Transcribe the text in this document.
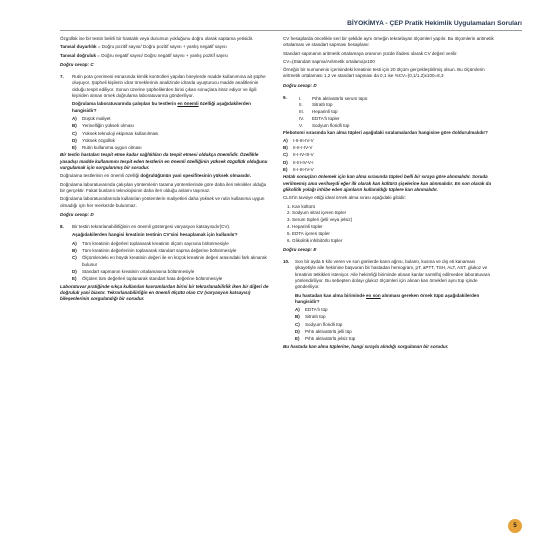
BİYOKİMYA - ÇEP Pratik Hekimlik Uygulamaları Soruları

Özgüllük ise bir testin belirli bir hastalık veya durumun yokluğunu doğru olarak saptama yetisidir.

Tanısal duyarlılık = Doğru pozitif sayısı/ Doğru pozitif sayısı + yanlış negatif sayısı

Tanısal doğruluk = Doğru negatif sayısı/ Doğru negatif sayısı + yanlış pozitif sayısı

Doğru cevap: C

7.	Rutin pota çevrimesi esnasında kimlik kontrolleri yapılan bireylerde madde kullanımına ait şüphe oluşuyor. Şüpheli kişilerin idrar örneklerinin analizinde idrarda uyuşturucu madde analitlerinin olduğu tespit ediliyor. Sonun üzerine şüphelilerden birisi çıkan sonuçlara itiraz ediyor ve ilgili kişiriden alınan örnek doğrulama laboratuvarına gönderiliyor.

Doğrulama laboratuvarında çalışılan bu testlerin en önemli özelliği aşağıdakilerden hangisidir?

A)	Düşük maliyet
B)	Yerinelliğin yüksek olması
C)	Yüksek teknoloji ekipman kullanılması
D)	Yüksek özgüllük
E)	Rutin kullanıma uygun olması

Bir testin hastaları tespit etme kadar sağlıklıları da tespit etmesi oldukça önemlidir. Özellikle yasadışı madde kullanımını tespit eden testlerin en önemli özelliğinin yüksek özgüllük olduğunu vurgulamak için sorgulanmış bir sorudur.

Doğrulama testlerinin en önemli özelliği doğrulüğünün yani spesifitesinin yüksek olmasıdır.

Doğrulama laboratuvarında çalışılan yöntemlerin tarama yöntemlerinde göre daha ileri teknikler olduğu bir gerçektir. Fakat bunların teknolojisinin daha ileri olduğu anlamı taşımaz.

Doğrulama laboratuvarlarında kullanılan yöntemlerin maliyetleri daha yüksek ve rutin kullanıma uygun olmadığı için her merkezde bulunmaz.

Doğru cevap: D

8.	Bir testin tekrarlanabilirliğinin en önemli göstergesi varyasyon katsayısıdır(CV).

Aşağıdakilerden hangisi kreatinin testinin CV'sini hesaplamak için kullanılır?

A)	Tüm kreatinin değerleri toplanarak kreatinin ölçüm sayısına bölünmesiyle
B)	Tüm kreatinin değerlerinin toplanarak standart sapma değerine bölünmesiyle
C)	Ölçümlerdeki en büyük kreatinin değeri ile en küçük kreatinin değeri arasındaki fark alınarak bulunur
D)	Standart sapmanın kreatinin ortalamasına bölünmesiyle
E)	Ölçülen tüm değerleri toplanarak standart hata değerine bölünmesiyle

Laboratuvar pratiğinde sıkça kullanılan kavramlardan birisi bir tekrarlanabilirlik iken bir diğeri de doğruluk yani biastır. Tekrarlanabilirliğin en önemli ölçütü olan CV (varyasyon katsayısı) bileşenlerinin sorgulandığı bir sorudur.

CV hesaplarda öncelikle seri bir şekilde aynı örneğin tekrarlayan ölçümleri yapılır. Bu ölçümlerin aritmetik ortalaması ve standart sapması hesaplanır.

Standart sapmanın aritmetik ortalamaya oranının yüzde ifadesi olarak CV değeri verilir.

CV=(Standart sapma/Aritmetik ortalama)x100

Örneğin bir numunenin içerisindeki kreatinin testi için 20 ölçüm gerçekleştirilmiş olsun. Bu ölçümlerin aritmetik ortalaması 1,2 ve standart sapması da 0,1 ise %CV=(0,1/1,2)x100=8,3

Doğru cevap: D

9.	I.	Pıhtı aktivatörlü serum tüpü
II.	Sitratlı tüp
III.	Heparinli tüp
IV.	EDTA'lı tüpler
V.	Sodyum floridli tüp

Flebotomi sırasında kan alma tüpleri aşağıdaki sıralamalardan hangisine göre doldurulmalıdır?

A)	I-II-III-IV-V
B)	II-II-I-IV-V
C)	II-I-IV-III-V
D)	II-III-IV-V-I
E)	II-I-III-IV-V

Hatalı sonuçları önlemek için kan alma sırasında tüpleri belli bir sıraya göre alınmalıdır. Soruda verilmemiş ama verilseydi eğer ilk olarak kan kültürü şişelerine kan alınmalıdır. En son olarak da glikolitik yolağı inhibe eden ajanların kullanıldığı tüplere kan alınmalıdır.

CLSI'in tavsiye ettiği ideal örnek alma sırası aşağıdaki gibidir:

1. Kan kültürü
2. Sodyum sitrat içeren tüpler
3. Serum tüpleri (jelli veya jelsiz)
4. Heparinli tüpler
5. EDTA içeren tüpler
6. Glikolitik inhibitörlü tüpler

Doğru cevap: E

10.	Son bir ayda 5 kilo veren ve son günlerde karın ağrısı, bulantı, kusma ve dış eti kanaması şikayetiyle aile hekimine başvuran bir hastadan hemogram, pT, aPTT, TSH, ALT, AST, glukoz ve kreatinin tetkikleri isteniyor. Aile hekimliği biriminde alınan kanlar santrifüj edilmeden laboratuvara yönlendiriliyor. Bu sebepten dolayı glukoz ölçümleri için alınan kan örnekleri aynı tüp içinde gönderiliyor.

Bu hastadan kan alma biriminde en son alınması gereken örnek tüpü aşağıdakilerden hangisidir?

A)	EDTA'lı tüp
B)	Sitratlı tüp
C)	Sodyum floridli tüp
D)	Pıhtı aktivatörlü jelli tüp
E)	Pıhtı aktivatörlü jelsiz tüp

Bu hastada kan alma tüplerine, hangi sırayla alındığı sorgulanan bir sorudur.

5
